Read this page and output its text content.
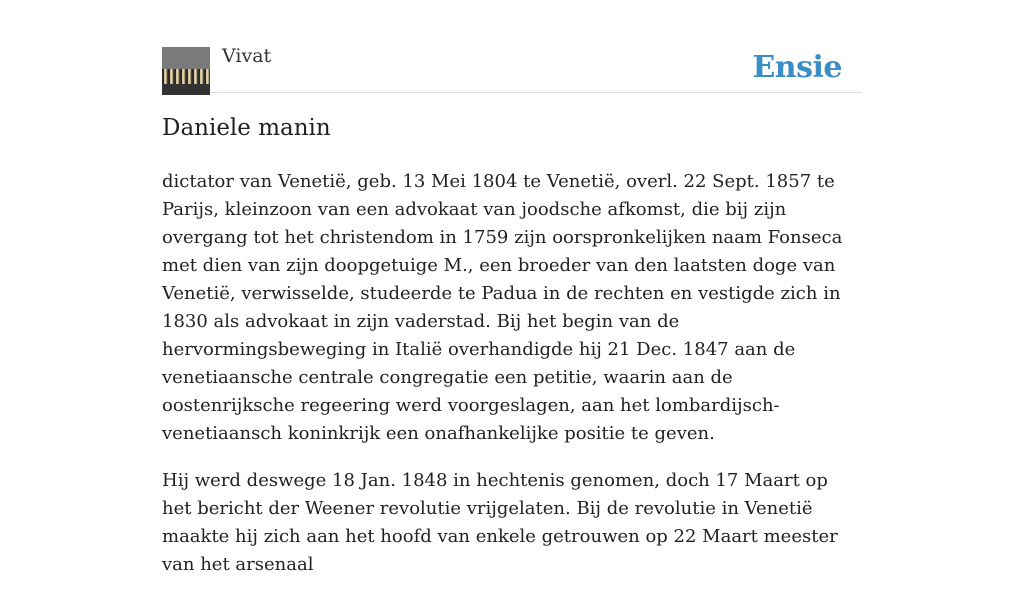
Vivat	Ensie
Daniele manin

dictator van Venetië, geb. 13 Mei 1804 te Venetië, overl. 22 Sept. 1857 te Parijs, kleinzoon van een advokaat van joodsche afkomst, die bij zijn overgang tot het christendom in 1759 zijn oorspronkelijken naam Fonseca met dien van zijn doopgetuige M., een broeder van den laatsten doge van Venetië, verwisselde, studeerde te Padua in de rechten en vestigde zich in 1830 als advokaat in zijn vaderstad. Bij het begin van de hervormingsbeweging in Italië overhandigde hij 21 Dec. 1847 aan de venetiaansche centrale congregatie een petitie, waarin aan de oostenrijksche regeering werd voorgeslagen, aan het lombardijsch-venetiaansch koninkrijk een onafhankelijke positie te geven.

Hij werd deswege 18 Jan. 1848 in hechtenis genomen, doch 17 Maart op het bericht der Weener revolutie vrijgelaten. Bij de revolutie in Venetië maakte hij zich aan het hoofd van enkele getrouwen op 22 Maart meester van het arsenaal
